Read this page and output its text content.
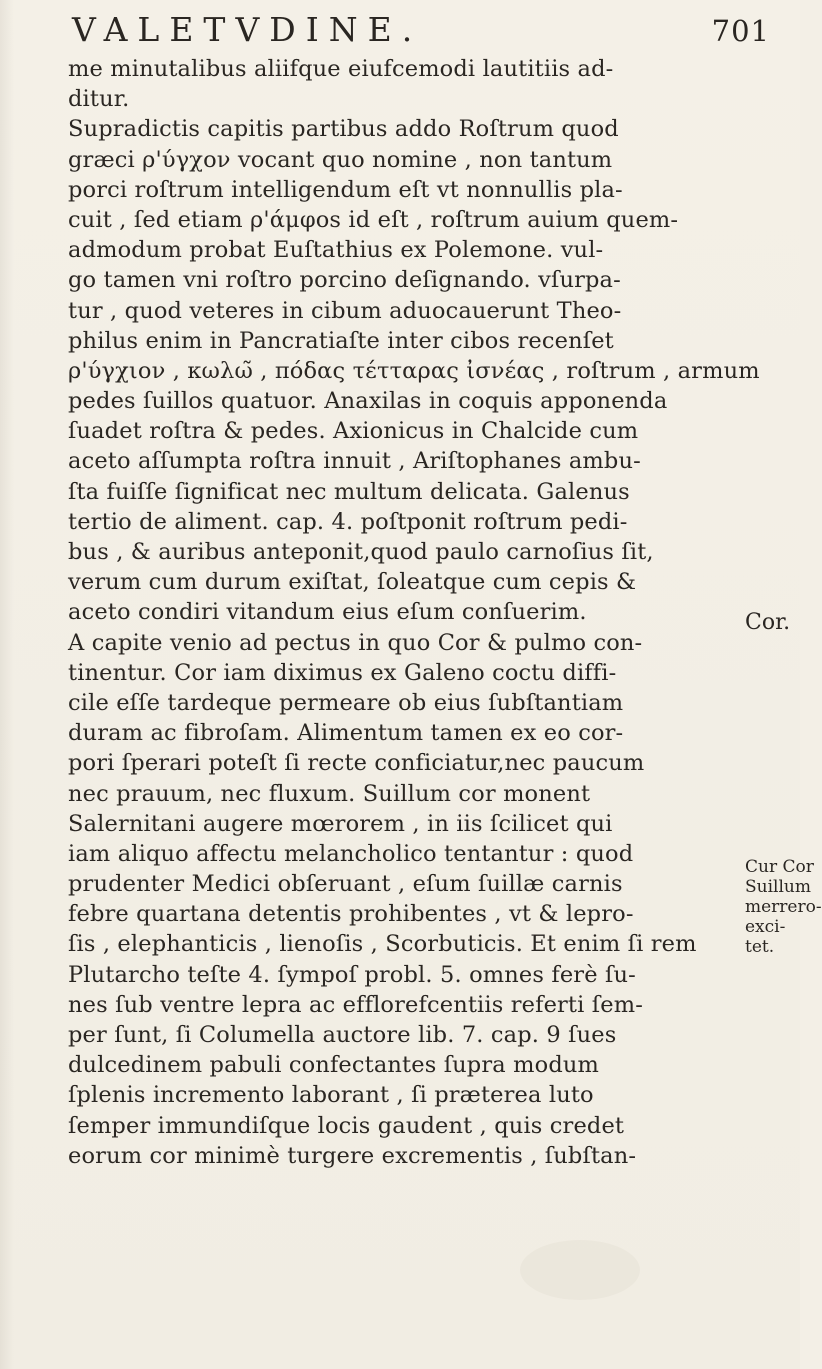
VALETVDINE.	701
me minutalibus aliifque eiufcemodi lautitiis ad-
ditur.
Supradictis capitis partibus addo Roſtrum quod
græci ρ'ύγχον vocant quo nomine , non tantum
porci roſtrum intelligendum eſt vt nonnullis pla-
cuit , ſed etiam ρ'άμφοs id eſt , roſtrum auium quem-
admodum probat Euſtathius ex Polemone. vul-
go tamen vni roſtro porcino deſignando. vſurpa-
tur , quod veteres in cibum aduocauerunt Theo-
philus enim in Pancratiaſte inter cibos recenſet
ρ'ύγχιον , κωλω̃ , πόδας τέτταρας ἰσνέας , roſtrum , armum
pedes ſuillos quatuor. Anaxilas in coquis apponenda
ſuadet roſtra & pedes. Axionicus in Chalcide cum
aceto aſſumpta roſtra innuit , Ariſtophanes ambu-
ſta fuiſſe ſignificat nec multum delicata. Galenus
tertio de aliment. cap. 4. poſtponit roſtrum pedi-
bus , & auribus anteponit,quod paulo carnoſius ſit,
verum cum durum exiſtat, ſoleatque cum cepis &
aceto condiri vitandum eius eſum conſuerim.
A capite venio ad pectus in quo Cor & pulmo con-
tinentur. Cor iam diximus ex Galeno coctu diffi-
cile eſſe tardeque permeare ob eius ſubſtantiam
duram ac fibroſam. Alimentum tamen ex eo cor-
pori ſperari poteſt ſi recte conficiatur,nec paucum
nec prauum, nec fluxum. Suillum cor monent
Salernitani augere mœrorem , in iis ſcilicet qui
iam aliquo affectu melancholico tentantur : quod
prudenter Medici obſeruant , eſum ſuillæ carnis
febre quartana detentis prohibentes , vt & lepro-
ſis , elephanticis , lienoſis , Scorbuticis. Et enim ſi rem
Plutarcho teſte 4. ſympoſ probl. 5. omnes ferè ſu-
nes ſub ventre lepra ac efflorefcentiis referti ſem-
per ſunt, ſi Columella auctore lib. 7. cap. 9 ſues
dulcedinem pabuli confectantes ſupra modum
ſplenis incremento laborant , ſi præterea luto
ſemper immundiſque locis gaudent , quis credet
eorum cor minimè turgere excrementis , ſubſtan-
Cor.
Cur Cor
Suillum
merrero-
exci-
tet.
